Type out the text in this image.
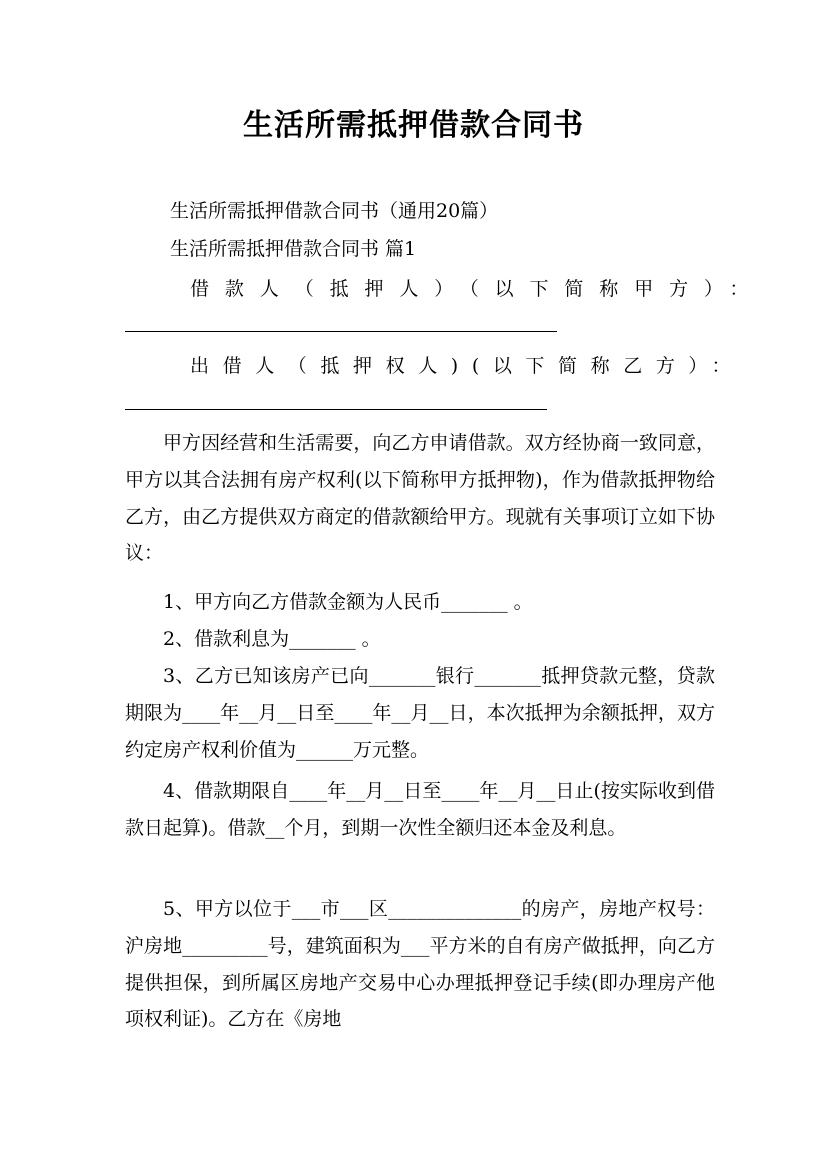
生活所需抵押借款合同书
生活所需抵押借款合同书（通用20篇）
生活所需抵押借款合同书 篇1
借款人（抵押人）（以下简称甲方）：
出借人（抵押权人)(以下简称乙方）：
甲方因经营和生活需要，向乙方申请借款。双方经协商一致同意，甲方以其合法拥有房产权利(以下简称甲方抵押物)，作为借款抵押物给乙方，由乙方提供双方商定的借款额给甲方。现就有关事项订立如下协议：
1、甲方向乙方借款金额为人民币_______ 。
2、借款利息为_______ 。
3、乙方已知该房产已向_______银行_______抵押贷款元整，贷款期限为____年__月__日至____年__月__日，本次抵押为余额抵押，双方约定房产权利价值为______万元整。
4、借款期限自____年__月__日至____年__月__日止(按实际收到借款日起算)。借款__个月，到期一次性全额归还本金及利息。
5、甲方以位于___市___区______________的房产，房地产权号：沪房地_________号，建筑面积为___平方米的自有房产做抵押，向乙方提供担保，到所属区房地产交易中心办理抵押登记手续(即办理房产他项权利证)。乙方在《房地
